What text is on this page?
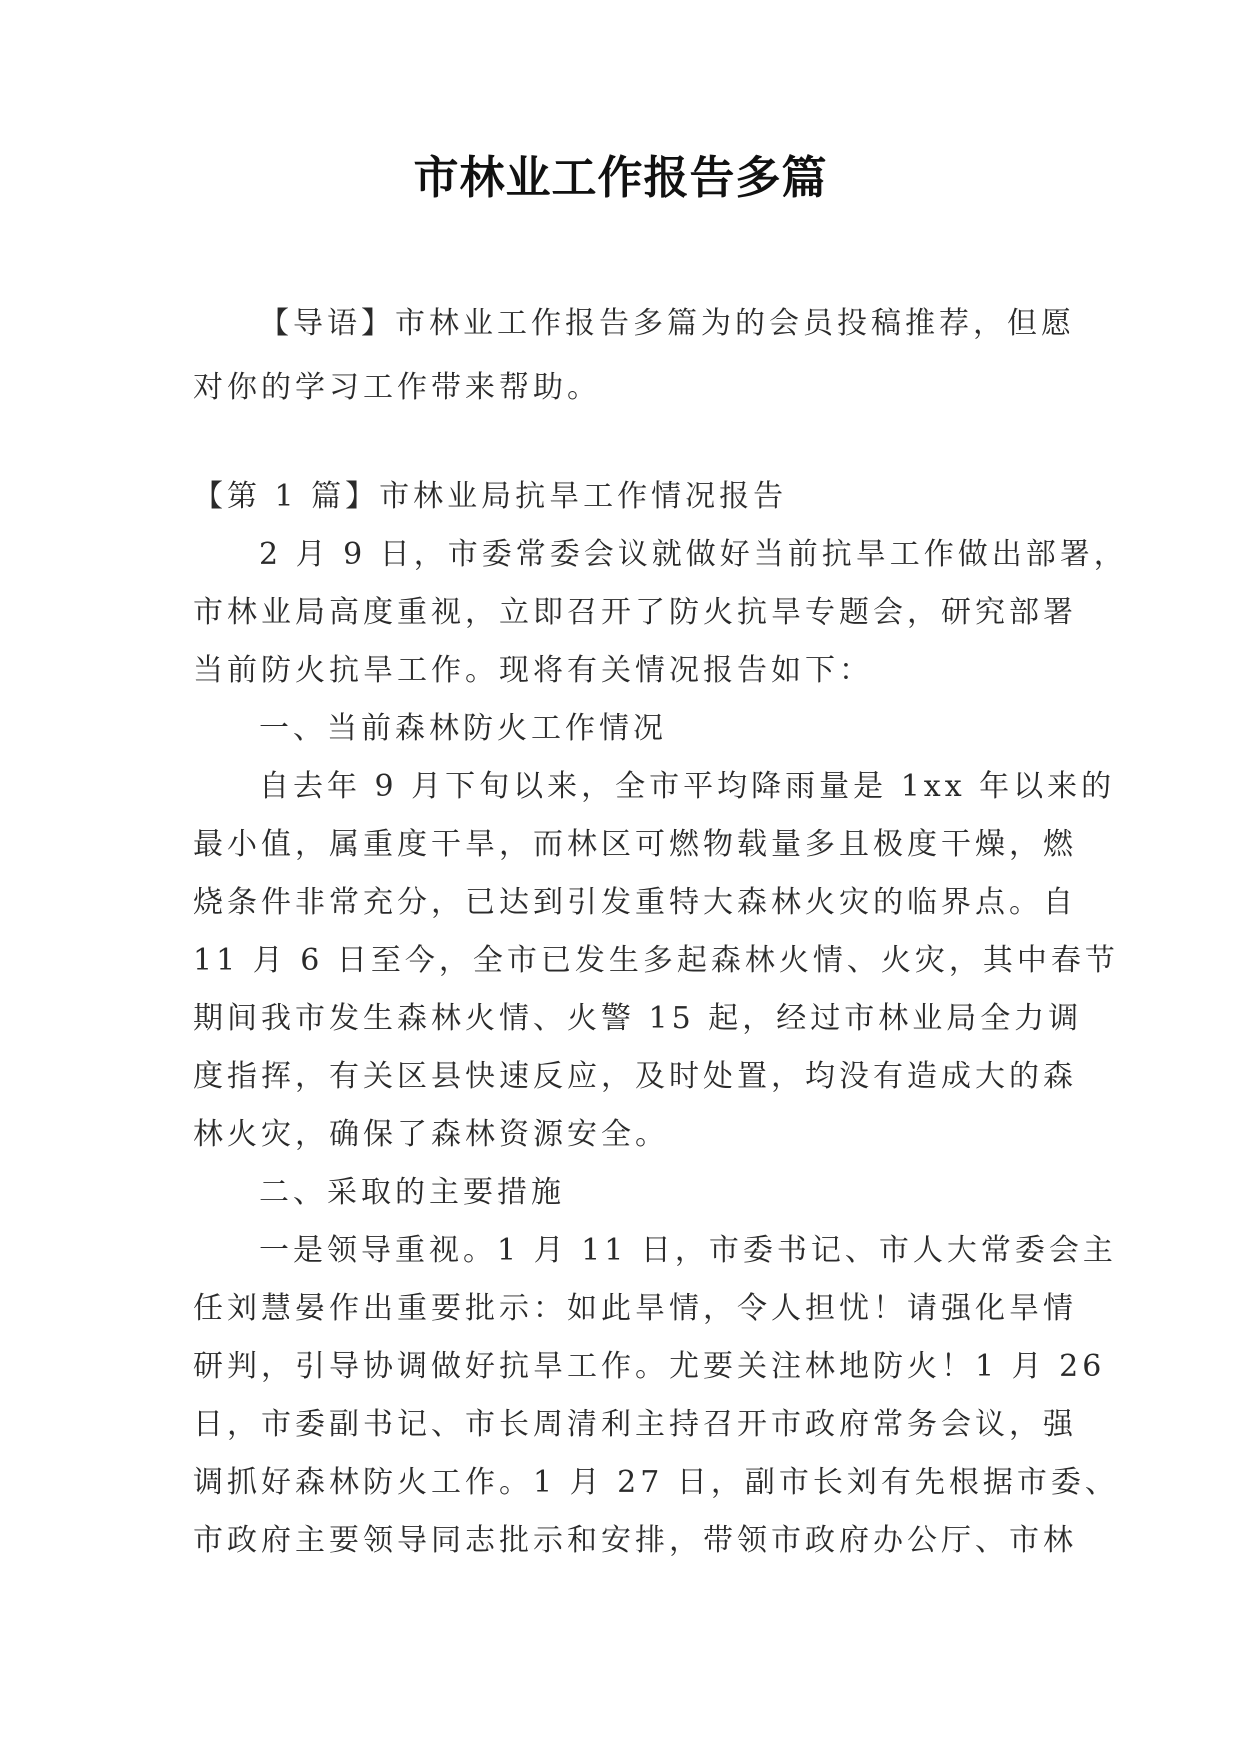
市林业工作报告多篇
【导语】市林业工作报告多篇为的会员投稿推荐，但愿
对你的学习工作带来帮助。
【第 1 篇】市林业局抗旱工作情况报告
2 月 9 日，市委常委会议就做好当前抗旱工作做出部署，
市林业局高度重视，立即召开了防火抗旱专题会，研究部署
当前防火抗旱工作。现将有关情况报告如下：
一、当前森林防火工作情况
自去年 9 月下旬以来，全市平均降雨量是 1xx 年以来的
最小值，属重度干旱，而林区可燃物载量多且极度干燥，燃
烧条件非常充分，已达到引发重特大森林火灾的临界点。自
11 月 6 日至今，全市已发生多起森林火情、火灾，其中春节
期间我市发生森林火情、火警 15 起，经过市林业局全力调
度指挥，有关区县快速反应，及时处置，均没有造成大的森
林火灾，确保了森林资源安全。
二、采取的主要措施
一是领导重视。1 月 11 日，市委书记、市人大常委会主
任刘慧晏作出重要批示：如此旱情，令人担忧！请强化旱情
研判，引导协调做好抗旱工作。尤要关注林地防火！1 月 26
日，市委副书记、市长周清利主持召开市政府常务会议，强
调抓好森林防火工作。1 月 27 日，副市长刘有先根据市委、
市政府主要领导同志批示和安排，带领市政府办公厅、市林
